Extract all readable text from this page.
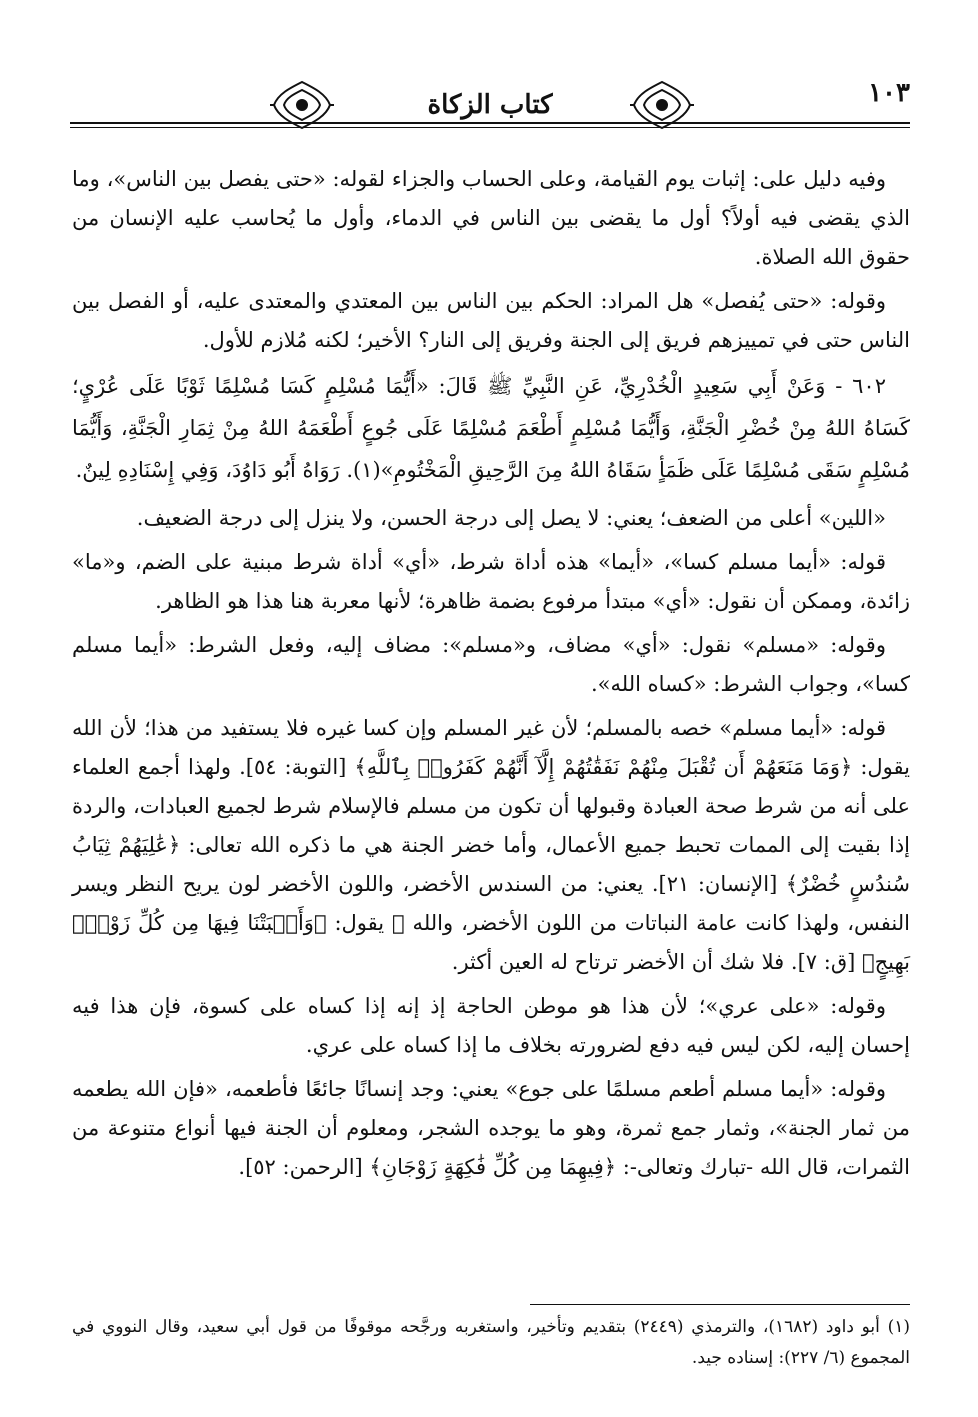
١٠٣
كتاب الزكاة

وفيه دليل على: إثبات يوم القيامة، وعلى الحساب والجزاء لقوله: «حتى يفصل بين الناس»، وما الذي يقضى فيه أولاً؟ أول ما يقضى بين الناس في الدماء، وأول ما يُحاسب عليه الإنسان من حقوق الله الصلاة.

وقوله: «حتى يُفصل» هل المراد: الحكم بين الناس بين المعتدي والمعتدى عليه، أو الفصل بين الناس حتى في تمييزهم فريق إلى الجنة وفريق إلى النار؟ الأخير؛ لكنه مُلازم للأول.

٦٠٢ - وَعَنْ أَبِي سَعِيدٍ الْخُدْرِيِّ، عَنِ النَّبِيِّ ﷺ قَالَ: «أَيُّمَا مُسْلِمٍ كَسَا مُسْلِمًا ثَوْبًا عَلَى عُرْيٍ؛ كَسَاهُ اللهُ مِنْ خُضْرِ الْجَنَّةِ، وَأَيُّمَا مُسْلِمٍ أَطْعَمَ مُسْلِمًا عَلَى جُوعٍ أَطْعَمَهُ اللهُ مِنْ ثِمَارِ الْجَنَّةِ، وَأَيُّمَا مُسْلِمٍ سَقَى مُسْلِمًا عَلَى ظَمَأٍ سَقَاهُ اللهُ مِنَ الرَّحِيقِ الْمَخْتُومِ»(١). رَوَاهُ أَبُو دَاوُدَ، وَفِي إِسْنَادِهِ لِينٌ.

«اللين» أعلى من الضعف؛ يعني: لا يصل إلى درجة الحسن، ولا ينزل إلى درجة الضعيف.

قوله: «أيما مسلم كسا»، «أيما» هذه أداة شرط، «أي» أداة شرط مبنية على الضم، و«ما» زائدة، وممكن أن نقول: «أي» مبتدأ مرفوع بضمة ظاهرة؛ لأنها معربة هنا هذا هو الظاهر.

وقوله: «مسلم» نقول: «أي» مضاف، و«مسلم»: مضاف إليه، وفعل الشرط: «أيما مسلم كسا»، وجواب الشرط: «كساه الله».

قوله: «أيما مسلم» خصه بالمسلم؛ لأن غير المسلم وإن كسا غيره فلا يستفيد من هذا؛ لأن الله يقول: ﴿وَمَا مَنَعَهُمْ أَن تُقْبَلَ مِنْهُمْ نَفَقَٰتُهُمْ إِلَّآ أَنَّهُمْ كَفَرُوا۟ بِٱللَّهِ﴾ [التوبة: ٥٤]. ولهذا أجمع العلماء على أنه من شرط صحة العبادة وقبولها أن تكون من مسلم فالإسلام شرط لجميع العبادات، والردة إذا بقيت إلى الممات تحبط جميع الأعمال، وأما خضر الجنة هي ما ذكره الله تعالى: ﴿عَٰلِيَهُمْ ثِيَابُ سُندُسٍ خُضْرٌ﴾ [الإنسان: ٢١]. يعني: من السندس الأخضر، واللون الأخضر لون يريح النظر ويسر النفس، ولهذا كانت عامة النباتات من اللون الأخضر، والله ﷻ يقول: ﴿وَأَنۢبَتْنَا فِيهَا مِن كُلِّ زَوْجٍۭ بَهِيجٍ﴾ [ق: ٧]. فلا شك أن الأخضر ترتاح له العين أكثر.

وقوله: «على عري»؛ لأن هذا هو موطن الحاجة إذ إنه إذا كساه على كسوة، فإن هذا فيه إحسان إليه، لكن ليس فيه دفع لضرورته بخلاف ما إذا كساه على عري.

وقوله: «أيما مسلم أطعم مسلمًا على جوع» يعني: وجد إنسانًا جائعًا فأطعمه، «فإن الله يطعمه من ثمار الجنة»، وثمار جمع ثمرة، وهو ما يوجده الشجر، ومعلوم أن الجنة فيها أنواع متنوعة من الثمرات، قال الله -تبارك وتعالى-: ﴿فِيهِمَا مِن كُلِّ فَٰكِهَةٍ زَوْجَانِ﴾ [الرحمن: ٥٢].

(١) أبو داود (١٦٨٢)، والترمذي (٢٤٤٩) بتقديم وتأخير، واستغربه ورجَّحه موقوفًا من قول أبي سعيد، وقال النووي في المجموع (٦/ ٢٢٧): إسناده جيد.
